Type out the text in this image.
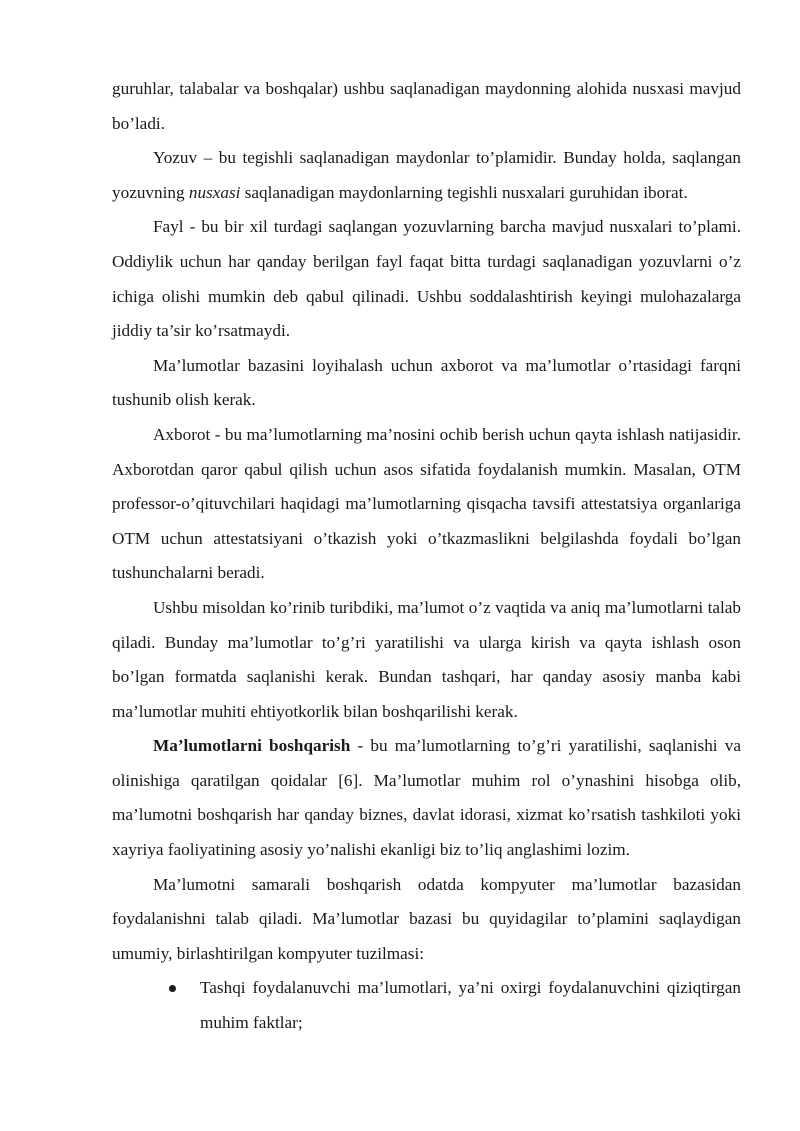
guruhlar, talabalar va boshqalar) ushbu saqlanadigan maydonning alohida nusxasi mavjud bo’ladi.

Yozuv – bu tegishli saqlanadigan maydonlar to’plamidir. Bunday holda, saqlangan yozuvning nusxasi saqlanadigan maydonlarning tegishli nusxalari guruhidan iborat.

Fayl - bu bir xil turdagi saqlangan yozuvlarning barcha mavjud nusxalari to’plami. Oddiylik uchun har qanday berilgan fayl faqat bitta turdagi saqlanadigan yozuvlarni o’z ichiga olishi mumkin deb qabul qilinadi. Ushbu soddalashtirish keyingi mulohazalarga jiddiy ta’sir ko’rsatmaydi.

Ma’lumotlar bazasini loyihalash uchun axborot va ma’lumotlar o’rtasidagi farqni tushunib olish kerak.

Axborot - bu ma’lumotlarning ma’nosini ochib berish uchun qayta ishlash natijasidir. Axborotdan qaror qabul qilish uchun asos sifatida foydalanish mumkin. Masalan, OTM professor-o’qituvchilari haqidagi ma’lumotlarning qisqacha tavsifi attestatsiya organlariga OTM uchun attestatsiyani o’tkazish yoki o’tkazmaslikni belgilashda foydali bo’lgan tushunchalarni beradi.

Ushbu misoldan ko’rinib turibdiki, ma’lumot o’z vaqtida va aniq ma’lumotlarni talab qiladi. Bunday ma’lumotlar to’g’ri yaratilishi va ularga kirish va qayta ishlash oson bo’lgan formatda saqlanishi kerak. Bundan tashqari, har qanday asosiy manba kabi ma’lumotlar muhiti ehtiyotkorlik bilan boshqarilishi kerak.

Ma’lumotlarni boshqarish - bu ma’lumotlarning to’g’ri yaratilishi, saqlanishi va olinishiga qaratilgan qoidalar [6]. Ma’lumotlar muhim rol o’ynashini hisobga olib, ma’lumotni boshqarish har qanday biznes, davlat idorasi, xizmat ko’rsatish tashkiloti yoki xayriya faoliyatining asosiy yo’nalishi ekanligi biz to’liq anglashimi lozim.

Ma’lumotni samarali boshqarish odatda kompyuter ma’lumotlar bazasidan foydalanishni talab qiladi. Ma’lumotlar bazasi bu quyidagilar to’plamini saqlaydigan umumiy, birlashtirilgan kompyuter tuzilmasi:

Tashqi foydalanuvchi ma’lumotlari, ya’ni oxirgi foydalanuvchini qiziqtirgan muhim faktlar;
